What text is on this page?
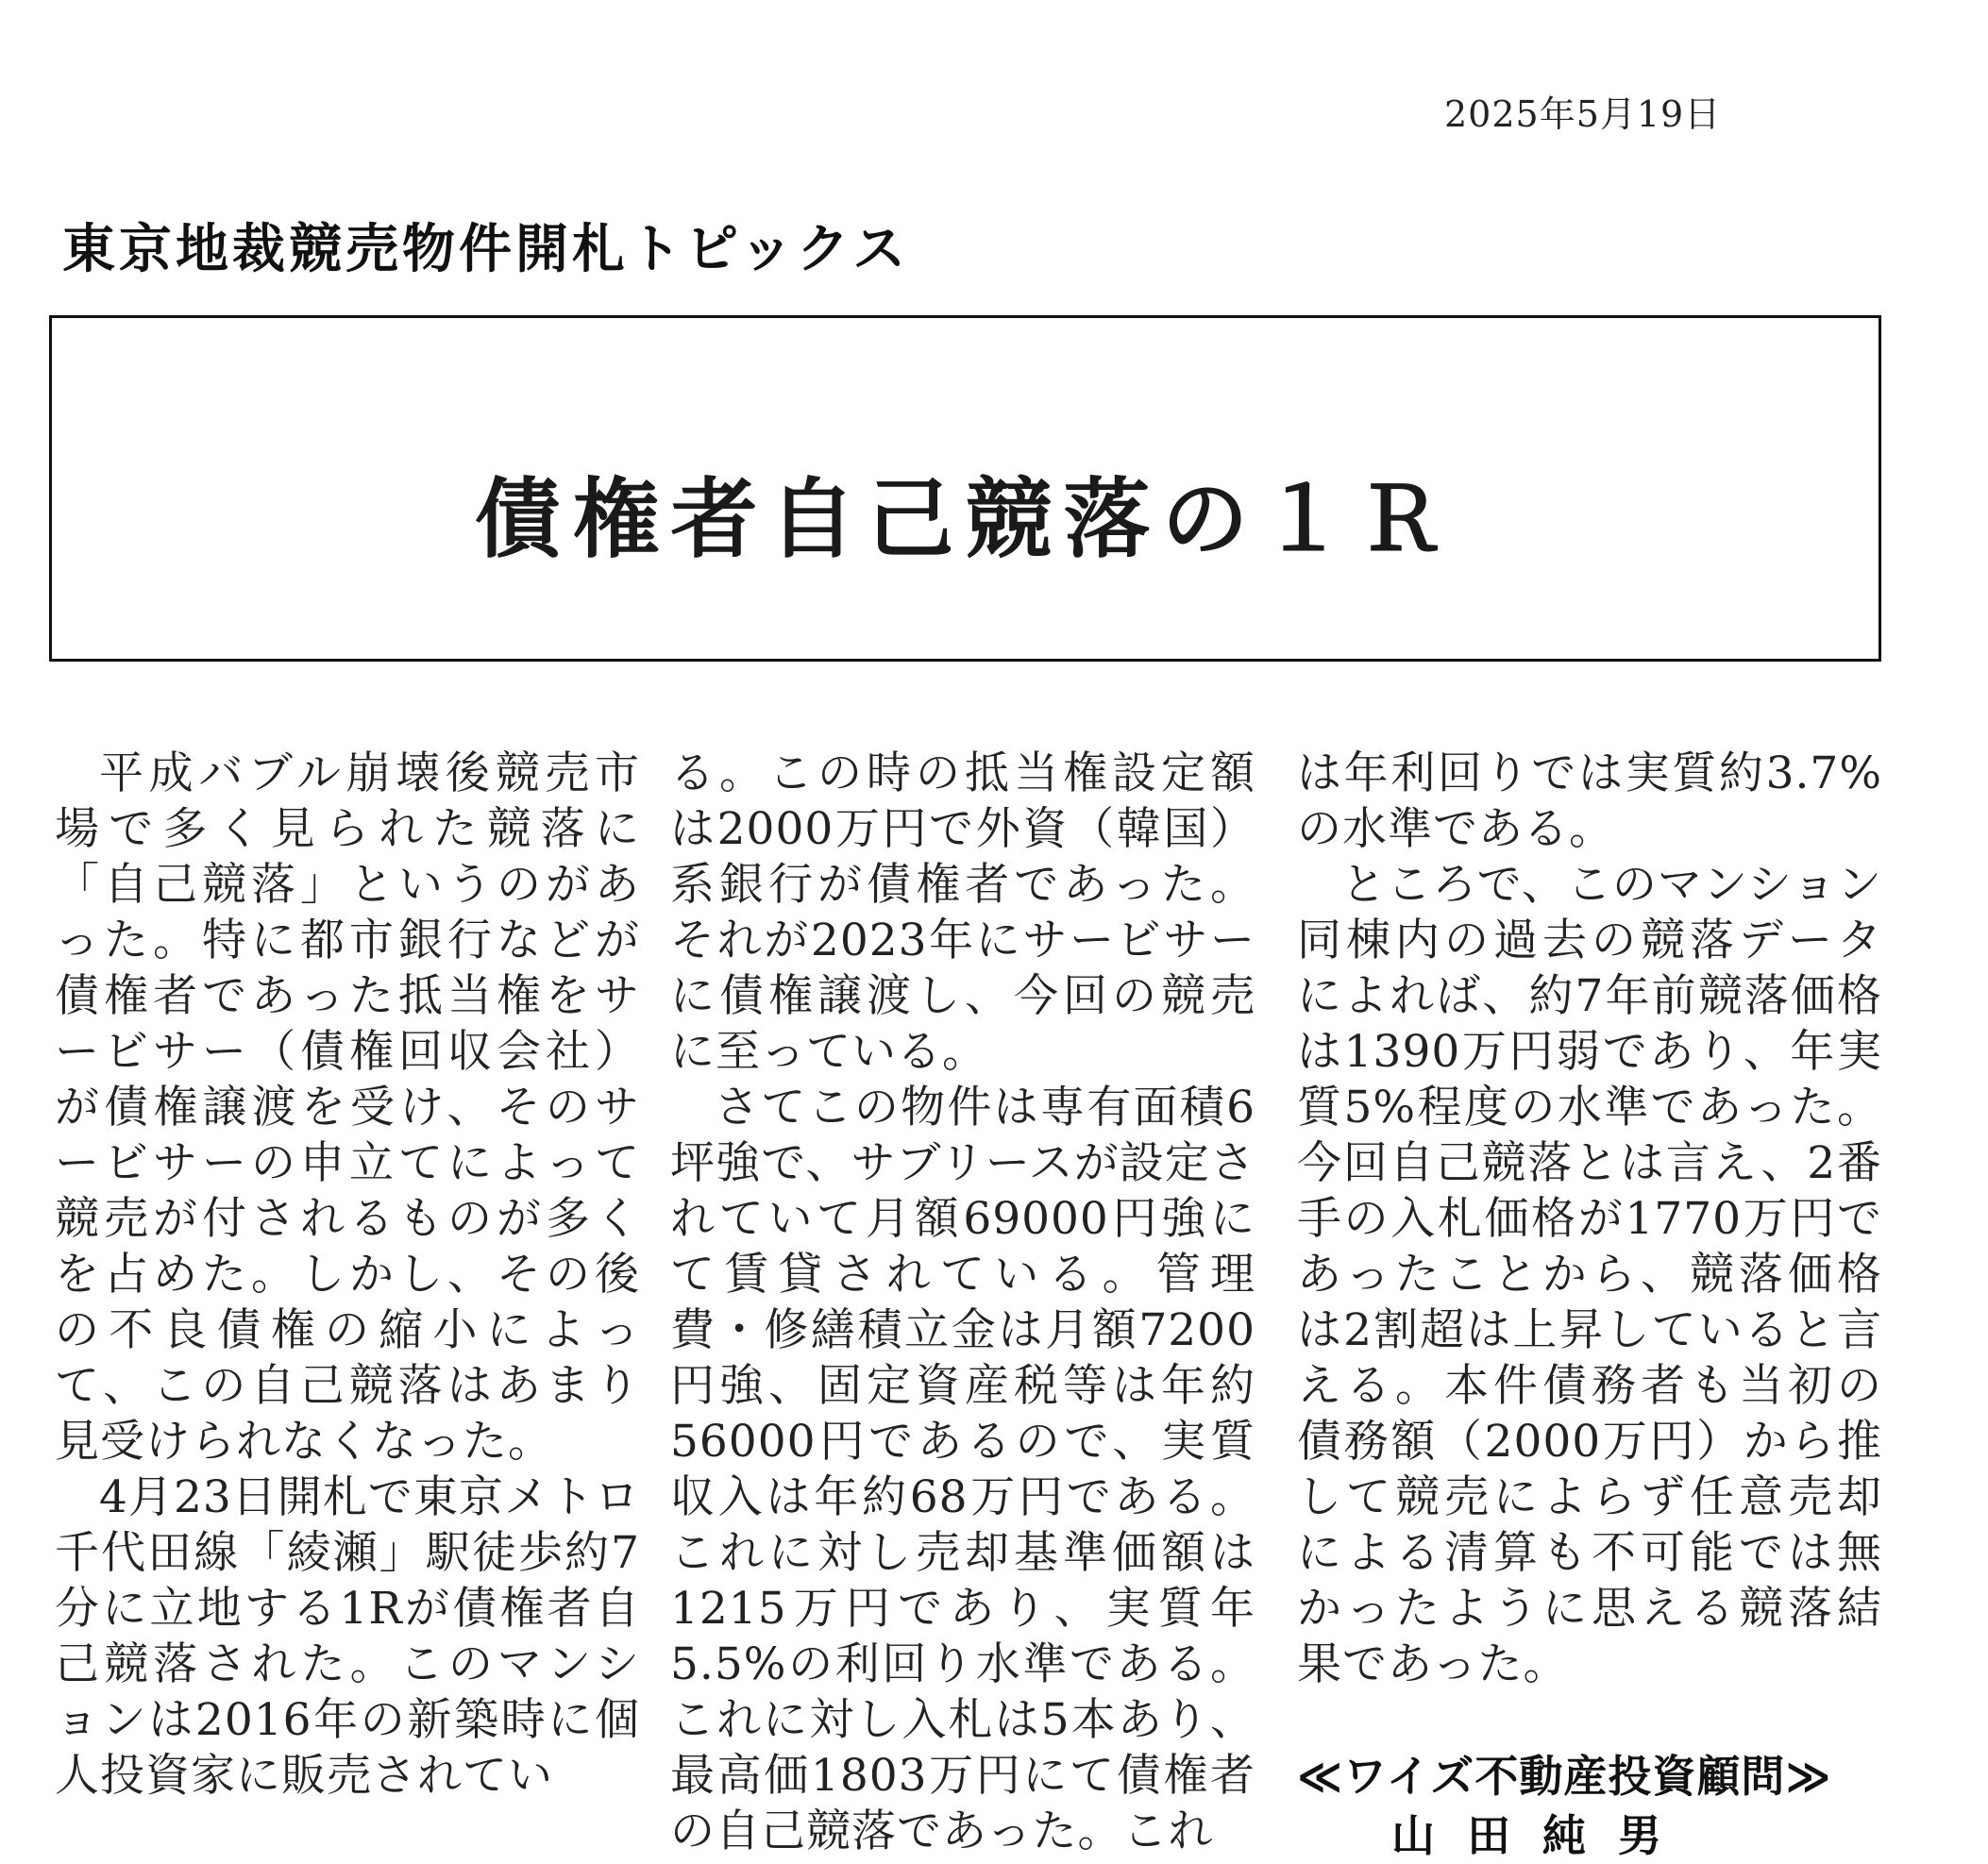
2025年5月19日
東京地裁競売物件開札トピックス
債権者自己競落の１Ｒ

平成バブル崩壊後競売市場で多く見られた競落に「自己競落」というのがあった。特に都市銀行などが債権者であった抵当権をサービサー（債権回収会社）が債権譲渡を受け、そのサービサーの申立てによって競売が付されるものが多くを占めた。しかし、その後の不良債権の縮小によって、この自己競落はあまり見受けられなくなった。

4月23日開札で東京メトロ千代田線「綾瀬」駅徒歩約7分に立地する1Rが債権者自己競落された。このマンションは2016年の新築時に個人投資家に販売されてい

る。この時の抵当権設定額は2000万円で外資（韓国）系銀行が債権者であった。それが2023年にサービサーに債権譲渡し、今回の競売に至っている。

さてこの物件は専有面積6坪強で、サブリースが設定されていて月額69000円強にて賃貸されている。管理費・修繕積立金は月額7200円強、固定資産税等は年約56000円であるので、実質収入は年約68万円である。これに対し売却基準価額は1215万円であり、実質年5.5%の利回り水準である。これに対し入札は5本あり、最高価1803万円にて債権者の自己競落であった。これ

は年利回りでは実質約3.7%の水準である。

ところで、このマンション同棟内の過去の競落データによれば、約7年前競落価格は1390万円弱であり、年実質5%程度の水準であった。今回自己競落とは言え、2番手の入札価格が1770万円であったことから、競落価格は2割超は上昇していると言える。本件債務者も当初の債務額（2000万円）から推して競売によらず任意売却による清算も不可能では無かったように思える競落結果であった。

≪ワイズ不動産投資顧問≫
山田純男
